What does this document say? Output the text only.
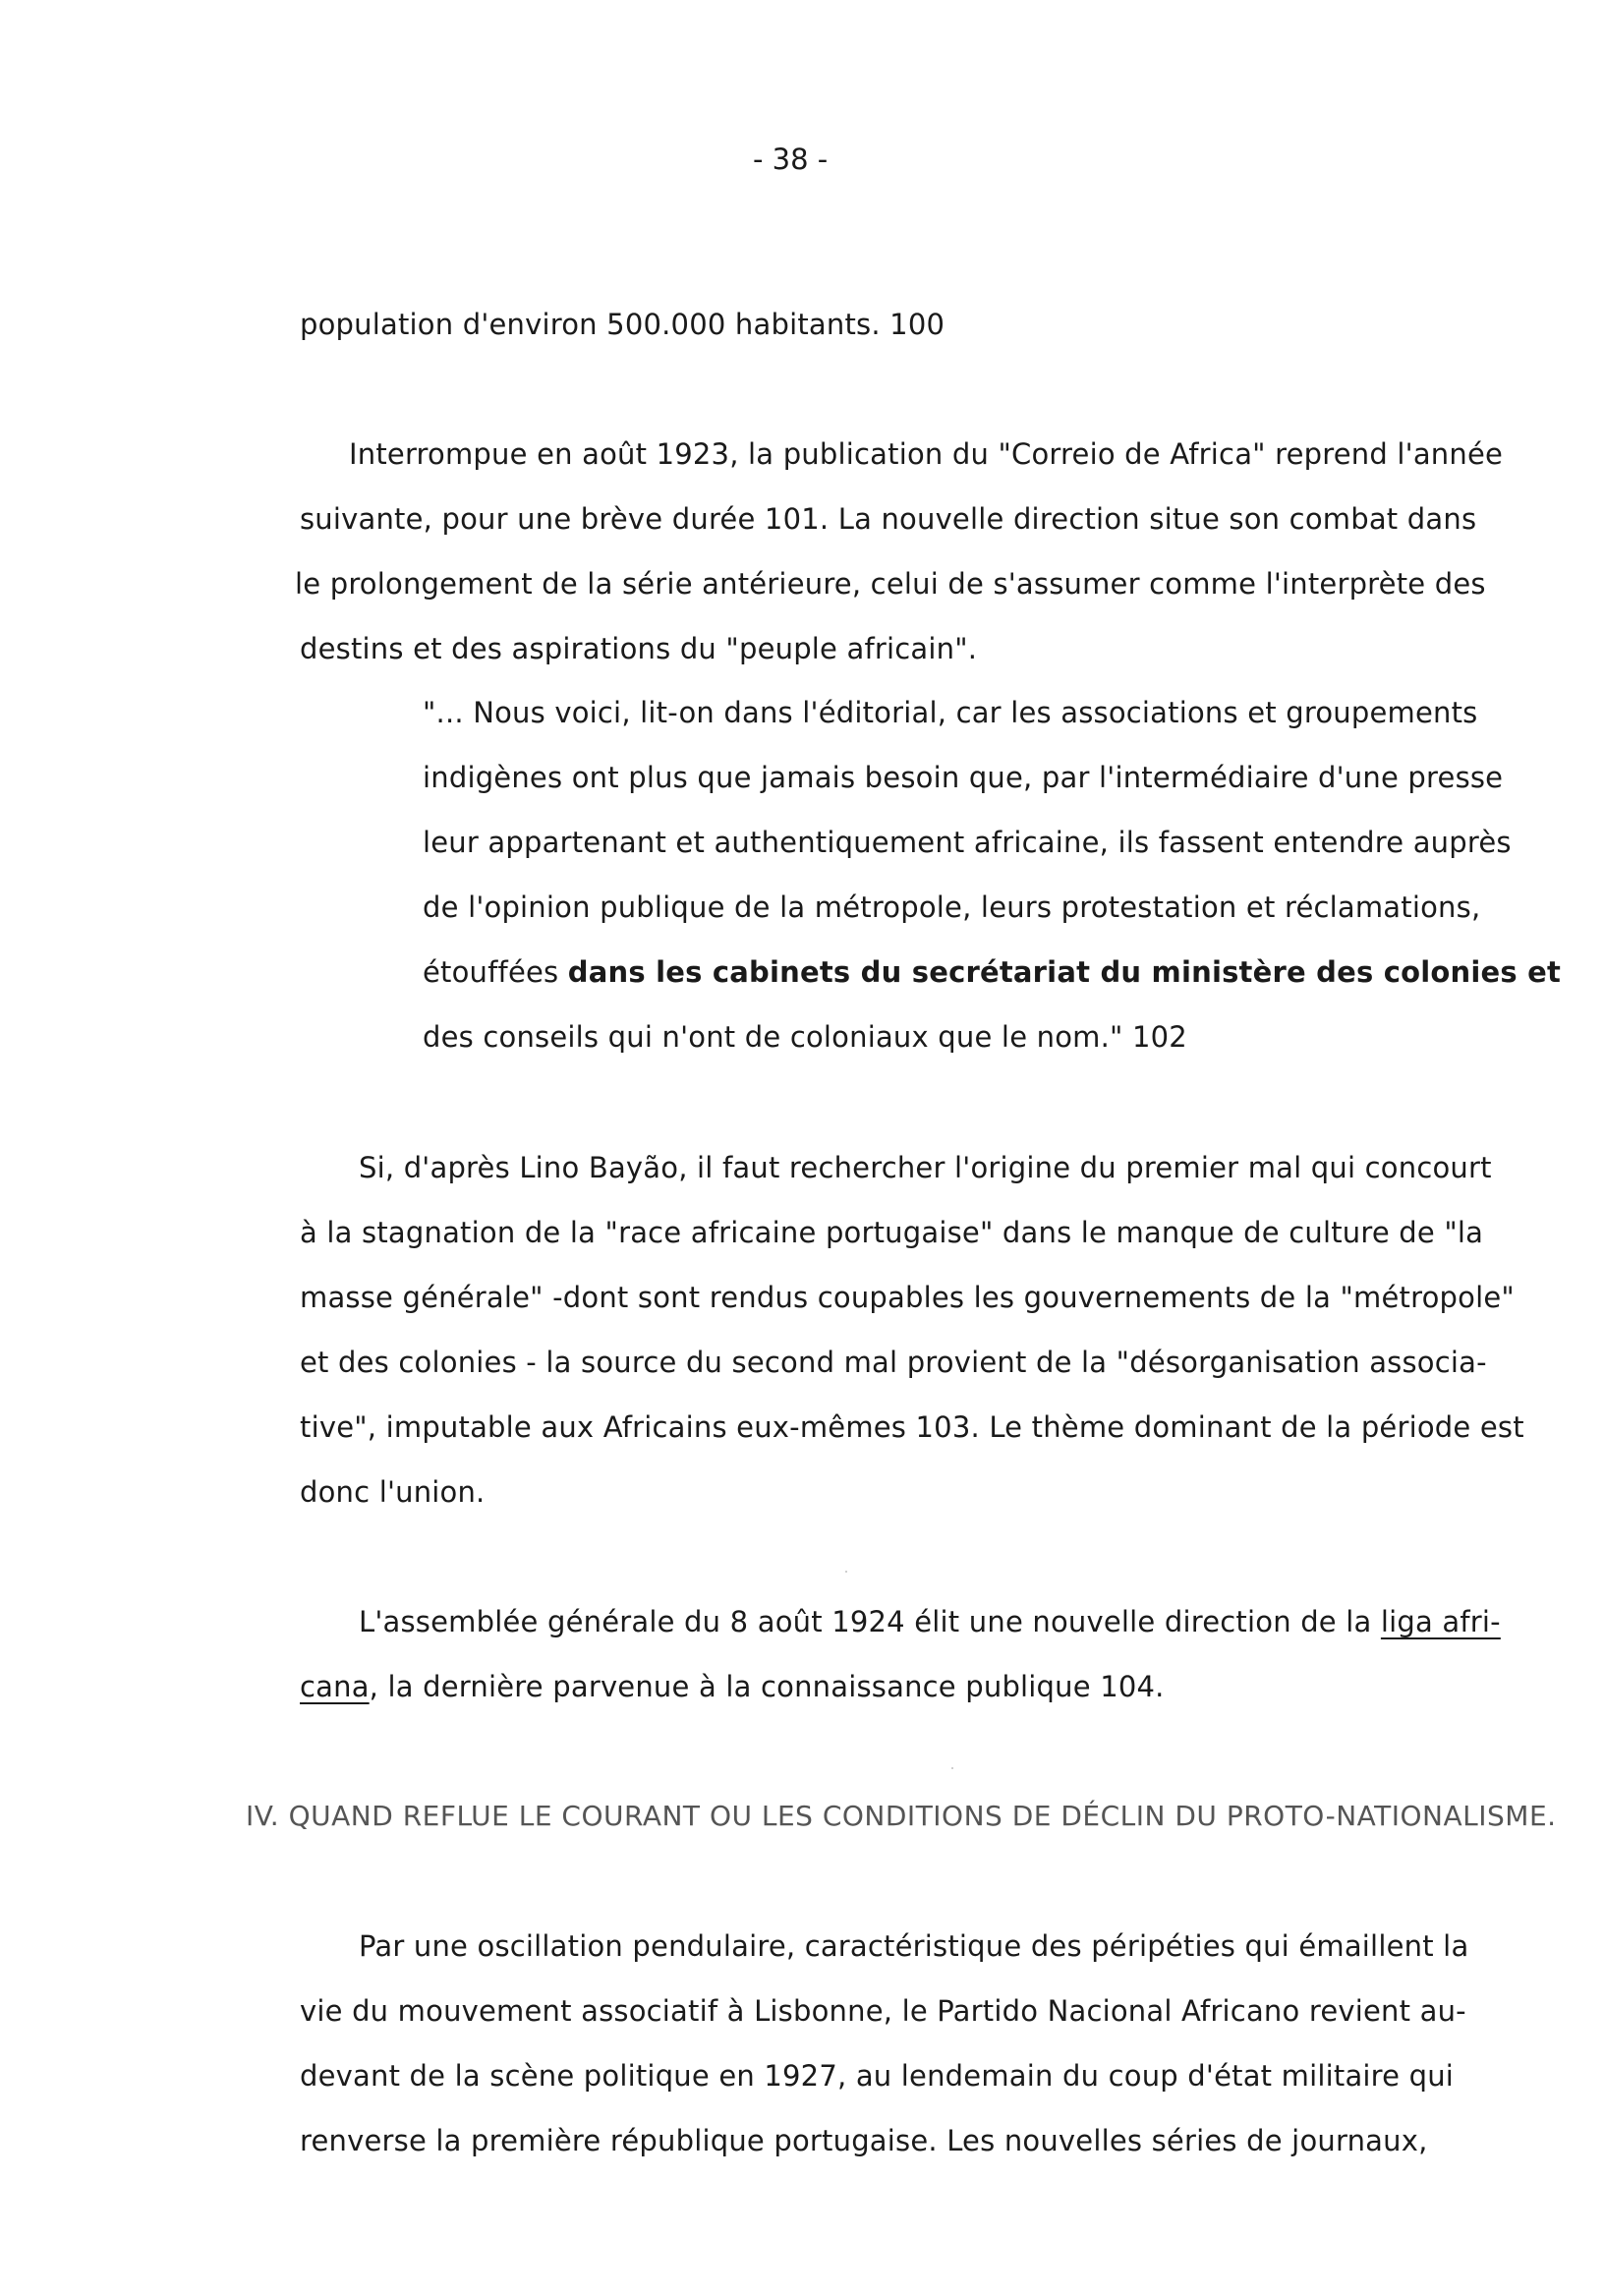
- 38 -
population d'environ 500.000 habitants. 100
Interrompue en août 1923, la publication du "Correio de Africa" reprend l'année
suivante, pour une brève durée 101. La nouvelle direction situe son combat dans
le prolongement de la série antérieure, celui de s'assumer comme l'interprète des
destins et des aspirations du "peuple africain".
"... Nous voici, lit-on dans l'éditorial, car les associations et groupements
indigènes ont plus que jamais besoin que, par l'intermédiaire d'une presse
leur appartenant et authentiquement africaine, ils fassent entendre auprès
de l'opinion publique de la métropole, leurs protestation et réclamations,
étouffées dans les cabinets du secrétariat du ministère des colonies et
des conseils qui n'ont de coloniaux que le nom." 102
Si, d'après Lino Bayão, il faut rechercher l'origine du premier mal qui concourt
à la stagnation de la "race africaine portugaise" dans le manque de culture de "la
masse générale" -dont sont rendus coupables les gouvernements de la "métropole"
et des colonies - la source du second mal provient de la "désorganisation associa-
tive", imputable aux Africains eux-mêmes 103. Le thème dominant de la période est
donc l'union.
L'assemblée générale du 8 août 1924 élit une nouvelle direction de la liga afri-
cana, la dernière parvenue à la connaissance publique 104.
IV. QUAND REFLUE LE COURANT OU LES CONDITIONS DE DÉCLIN DU PROTO-NATIONALISME.
Par une oscillation pendulaire, caractéristique des péripéties qui émaillent la
vie du mouvement associatif à Lisbonne, le Partido Nacional Africano revient au-
devant de la scène politique en 1927, au lendemain du coup d'état militaire qui
renverse la première république portugaise. Les nouvelles séries de journaux,
